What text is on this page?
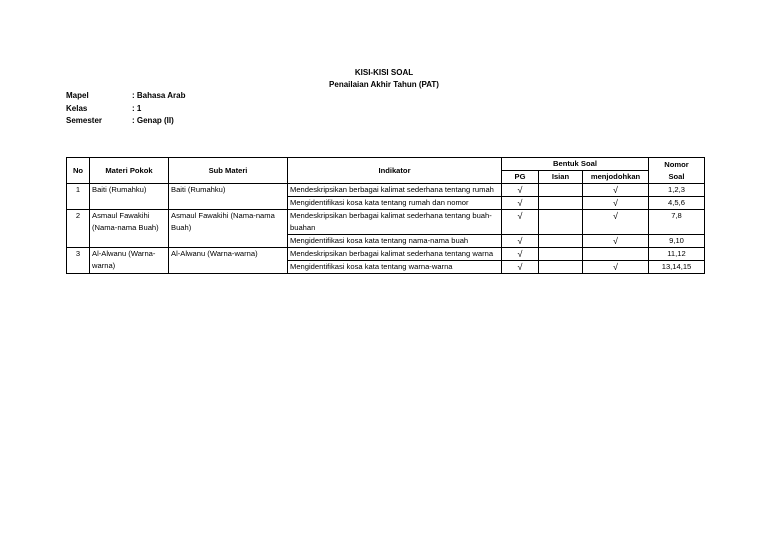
KISI-KISI SOAL
Penailaian Akhir Tahun (PAT)
Mapel	: Bahasa Arab
Kelas	: 1
Semester	: Genap (II)
No	Materi Pokok	Sub Materi	Indikator	Bentuk Soal			Nomor
Soal

				PG	Isian	menjodohkan	
1	Baiti (Rumahku)	Baiti (Rumahku)	Mendeskripsikan berbagai kalimat sederhana tentang rumah	√		√	1,2,3
			Mengidentifikasi kosa kata tentang rumah dan nomor	√		√	4,5,6
2	Asmaul Fawakihi (Nama-nama Buah)	Asmaul Fawakihi (Nama-nama Buah)	Mendeskripsikan berbagai kalimat sederhana tentang buah-buahan	√		√	7,8
			Mengidentifikasi kosa kata tentang nama-nama buah	√		√	9,10
3	Al-Alwanu (Warna-warna)	Al-Alwanu (Warna-warna)	Mendeskripsikan berbagai kalimat sederhana tentang warna	√			11,12
			Mengidentifikasi kosa kata tentang warna-warna	√		√	13,14,15
